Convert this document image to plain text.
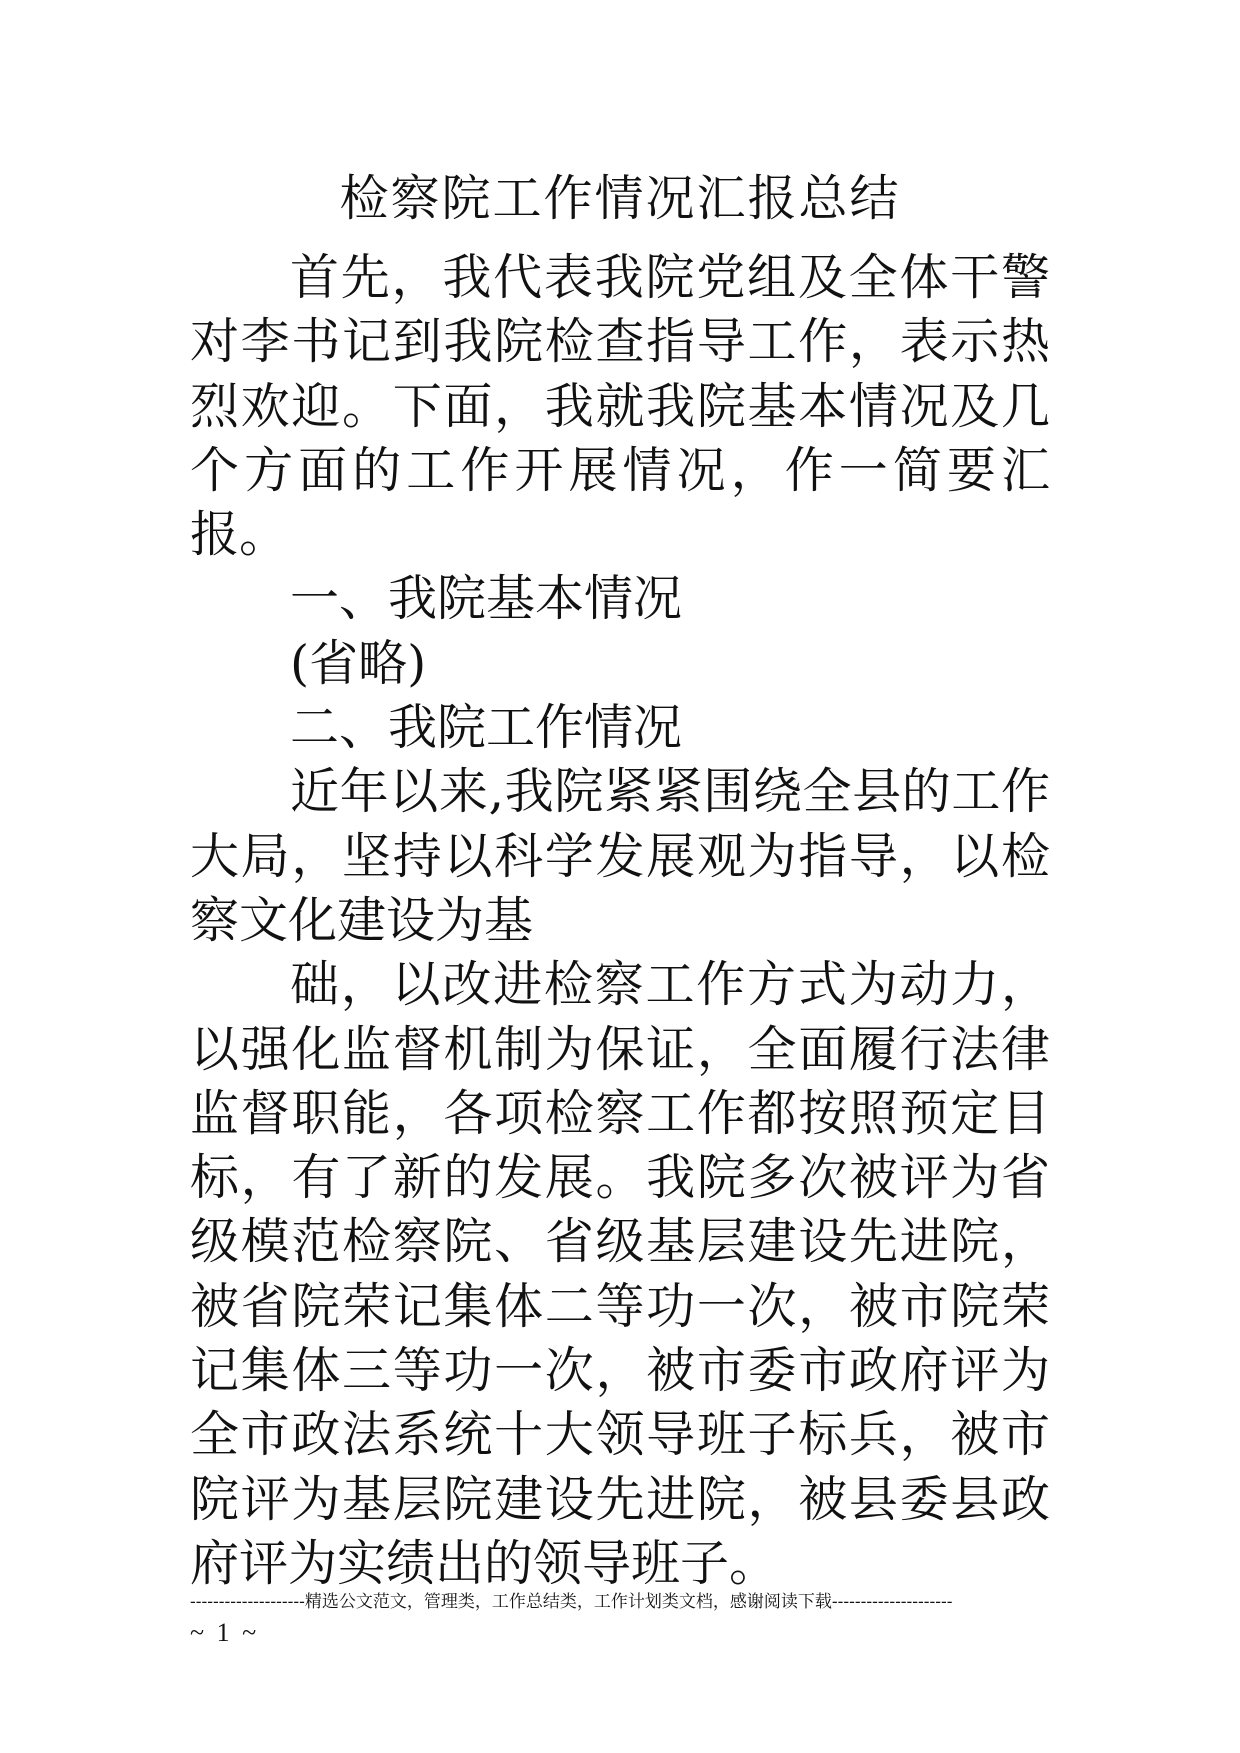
检察院工作情况汇报总结

首先，我代表我院党组及全体干警对李书记到我院检查指导工作，表示热烈欢迎。下面，我就我院基本情况及几个方面的工作开展情况，作一简要汇报。

一、我院基本情况

(省略)

二、我院工作情况

近年以来,我院紧紧围绕全县的工作大局，坚持以科学发展观为指导，以检察文化建设为基

础，以改进检察工作方式为动力，以强化监督机制为保证，全面履行法律监督职能，各项检察工作都按照预定目标，有了新的发展。我院多次被评为省级模范检察院、省级基层建设先进院，被省院荣记集体二等功一次，被市院荣记集体三等功一次，被市委市政府评为全市政法系统十大领导班子标兵，被市院评为基层院建设先进院，被县委县政府评为实绩出的领导班子。

--------------------精选公文范文，管理类，工作总结类，工作计划类文档，感谢阅读下载---------------------

~ 1 ~
